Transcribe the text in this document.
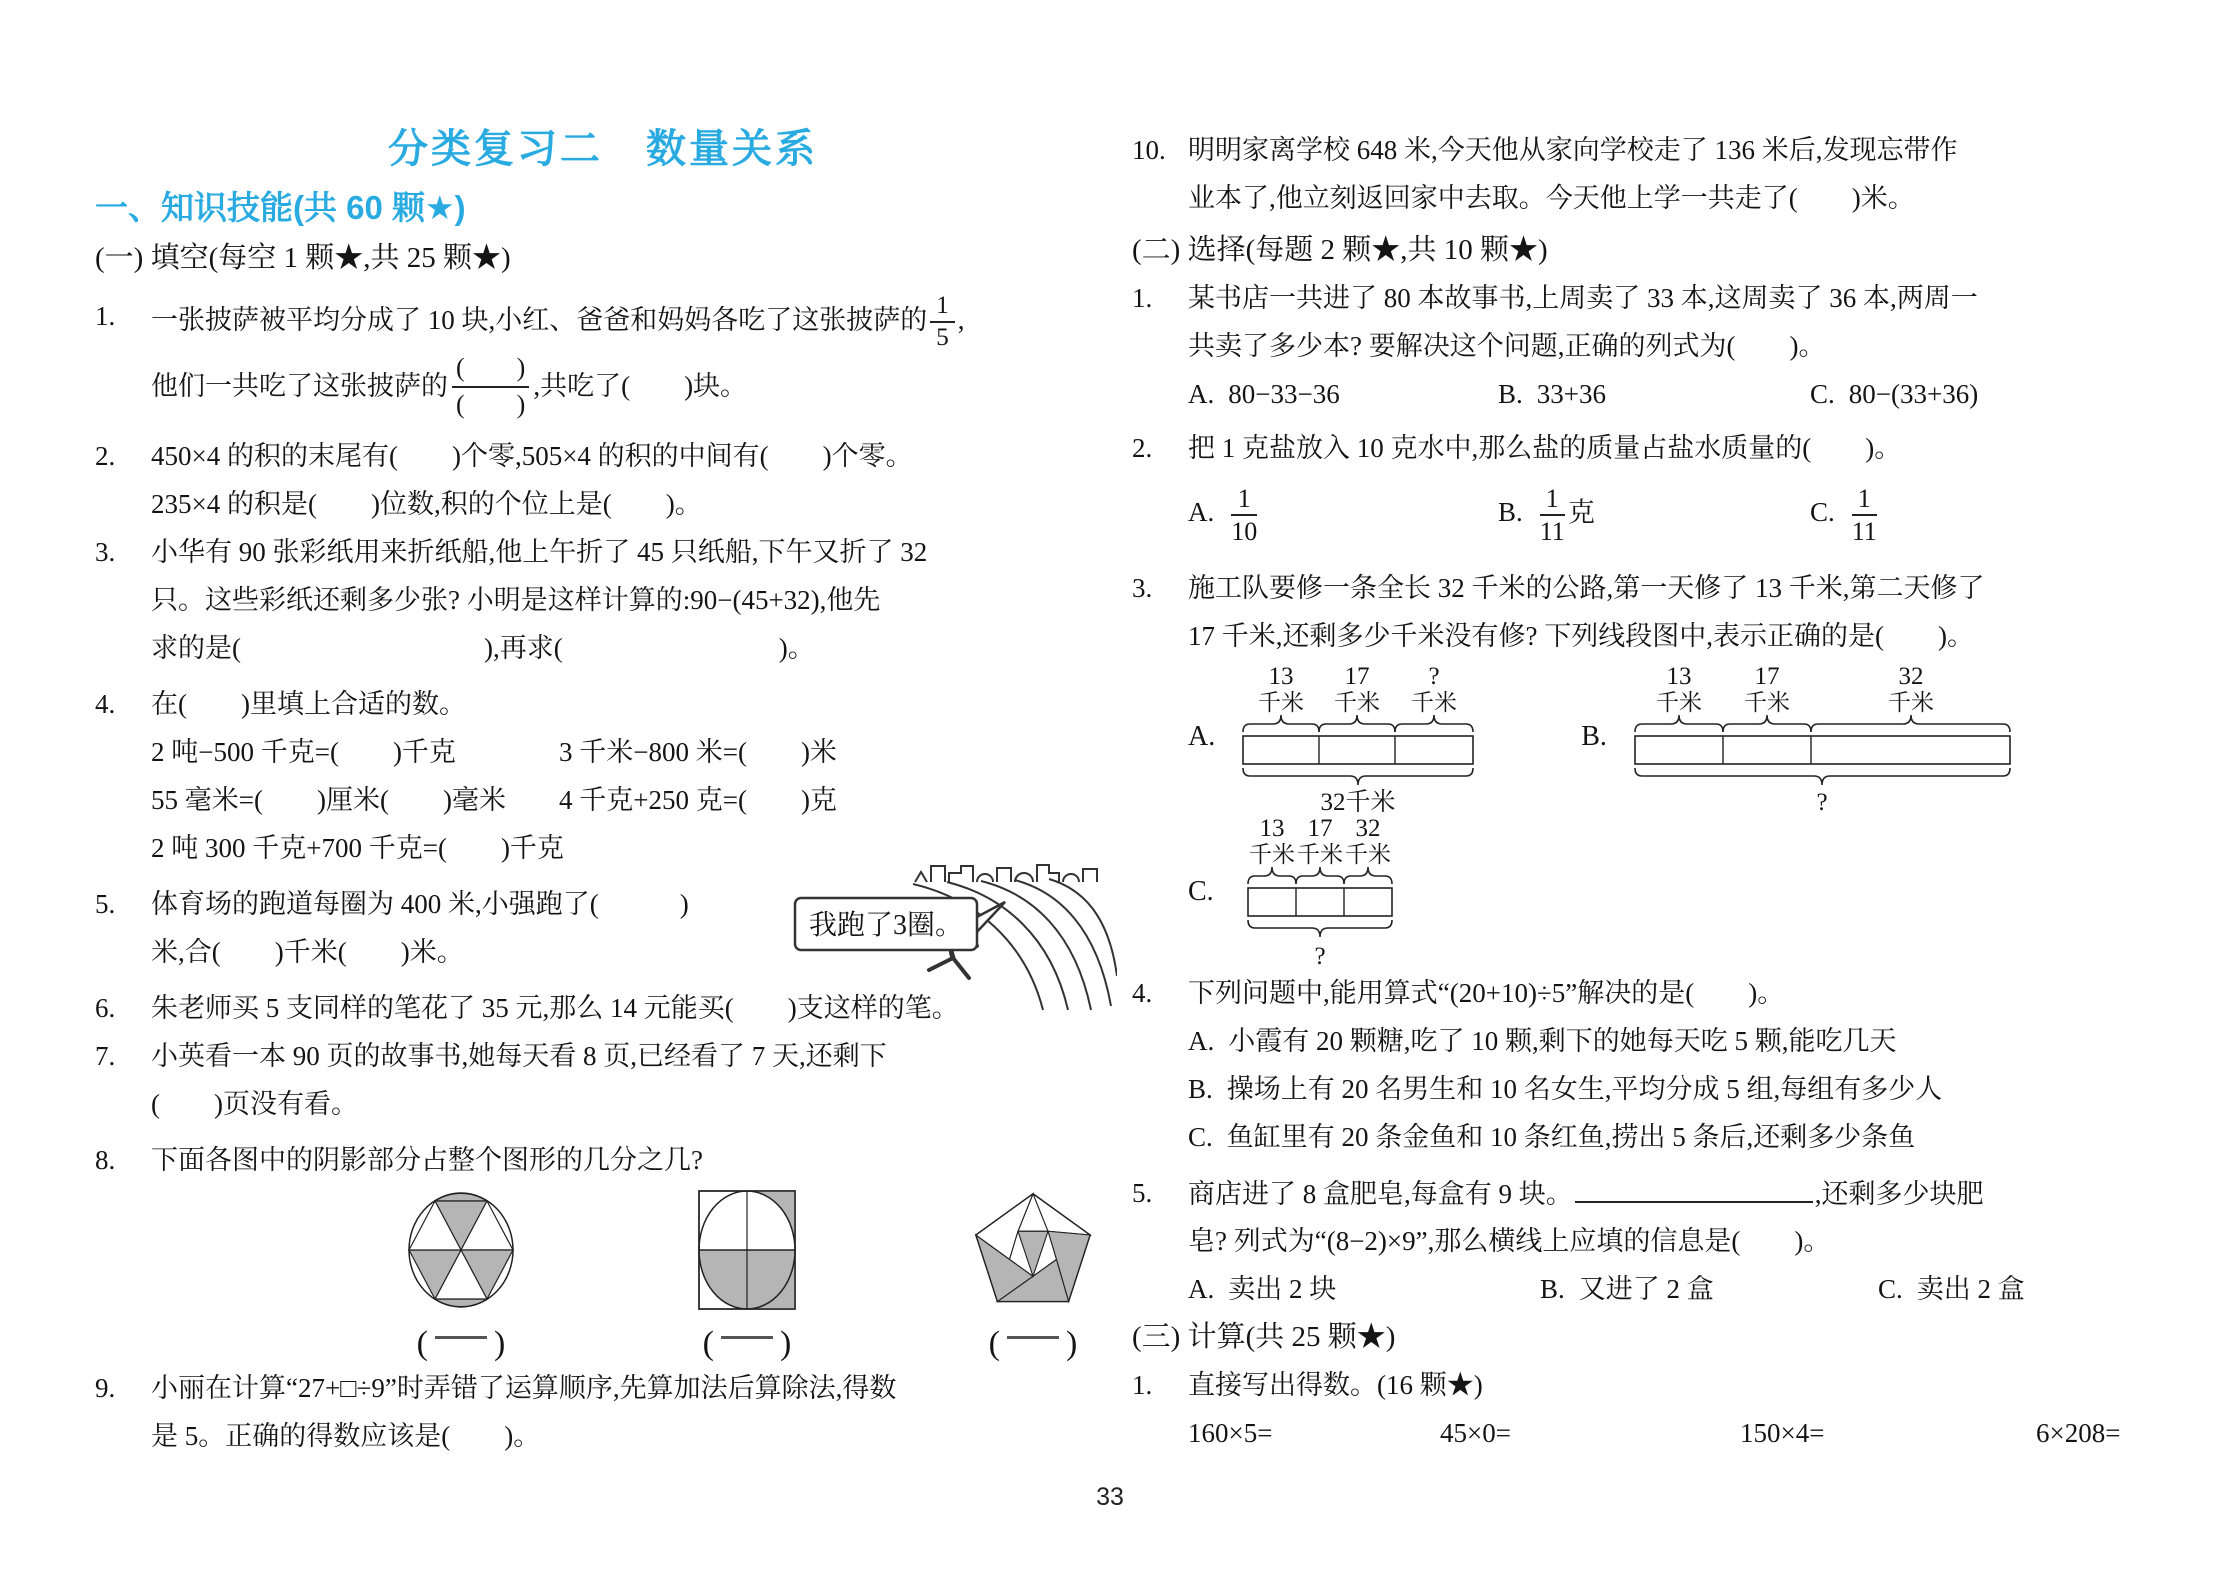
分类复习二　数量关系
一、知识技能(共 60 颗★)
(一) 填空(每空 1 颗★,共 25 颗★)
1.	一张披萨被平均分成了 10 块,小红、爸爸和妈妈各吃了这张披萨的 $\frac{1}{5}$ ,
他们一共吃了这张披萨的
(　　)
(　　)
,共吃了(　　)块。
2.	450×4 的积的末尾有(　　)个零,505×4 的积的中间有(　　)个零。
235×4 的积是(　　)位数,积的个位上是(　　)。
3.	小华有 90 张彩纸用来折纸船,他上午折了 45 只纸船,下午又折了 32
只。这些彩纸还剩多少张? 小明是这样计算的:90−(45+32),他先
求的是(　　　　　　　　　),再求(　　　　　　　　)。
4.	在(　　)里填上合适的数。
2 吨−500 千克=(　　)千克	3 千米−800 米=(　　)米
55 毫米=(　　)厘米(　　)毫米	4 千克+250 克=(　　)克
2 吨 300 千克+700 千克=(　　)千克
5.	体育场的跑道每圈为 400 米,小强跑了(　　　)
米,合(　　)千米(　　)米。
我跑了3圈。
6.	朱老师买 5 支同样的笔花了 35 元,那么 14 元能买(　　)支这样的笔。
7.	小英看一本 90 页的故事书,她每天看 8 页,已经看了 7 天,还剩下
(　　)页没有看。
8.	下面各图中的阴影部分占整个图形的几分之几?
( )	( )	( )
9.	小丽在计算“27+□÷9”时弄错了运算顺序,先算加法后算除法,得数
是 5。正确的得数应该是(　　)。
10. 明明家离学校 648 米,今天他从家向学校走了 136 米后,发现忘带作
业本了,他立刻返回家中去取。今天他上学一共走了(　　)米。
(二) 选择(每题 2 颗★,共 10 颗★)
1.	某书店一共进了 80 本故事书,上周卖了 33 本,这周卖了 36 本,两周一
共卖了多少本? 要解决这个问题,正确的列式为(　　)。
A. 80−33−36	B. 33+36	C. 80−(33+36)
2.	把 1 克盐放入 10 克水中,那么盐的质量占盐水质量的(　　)。
A. $\frac{1}{10}$	B. $\frac{1}{11}$ 克	C. $\frac{1}{11}$
3.	施工队要修一条全长 32 千米的公路,第一天修了 13 千米,第二天修了
17 千米,还剩多少千米没有修? 下列线段图中,表示正确的是(　　)。
A.
13 17 ?
千米 千米 千米
32千米
B.
13	17	32
千米 千米	千米
?
C.
13 17 32
千米 千米 千米
?
4.	下列问题中,能用算式“(20+10)÷5”解决的是(　　)。
A. 小霞有 20 颗糖,吃了 10 颗,剩下的她每天吃 5 颗,能吃几天
B. 操场上有 20 名男生和 10 名女生,平均分成 5 组,每组有多少人
C. 鱼缸里有 20 条金鱼和 10 条红鱼,捞出 5 条后,还剩多少条鱼
5.	商店进了 8 盒肥皂,每盒有 9 块。	,还剩多少块肥
皂? 列式为“(8−2)×9”,那么横线上应填的信息是(　　)。
A. 卖出 2 块	B. 又进了 2 盒	C. 卖出 2 盒
(三) 计算(共 25 颗★)
1.	直接写出得数。(16 颗★)
160×5=	45×0=	150×4=	6×208=
33
